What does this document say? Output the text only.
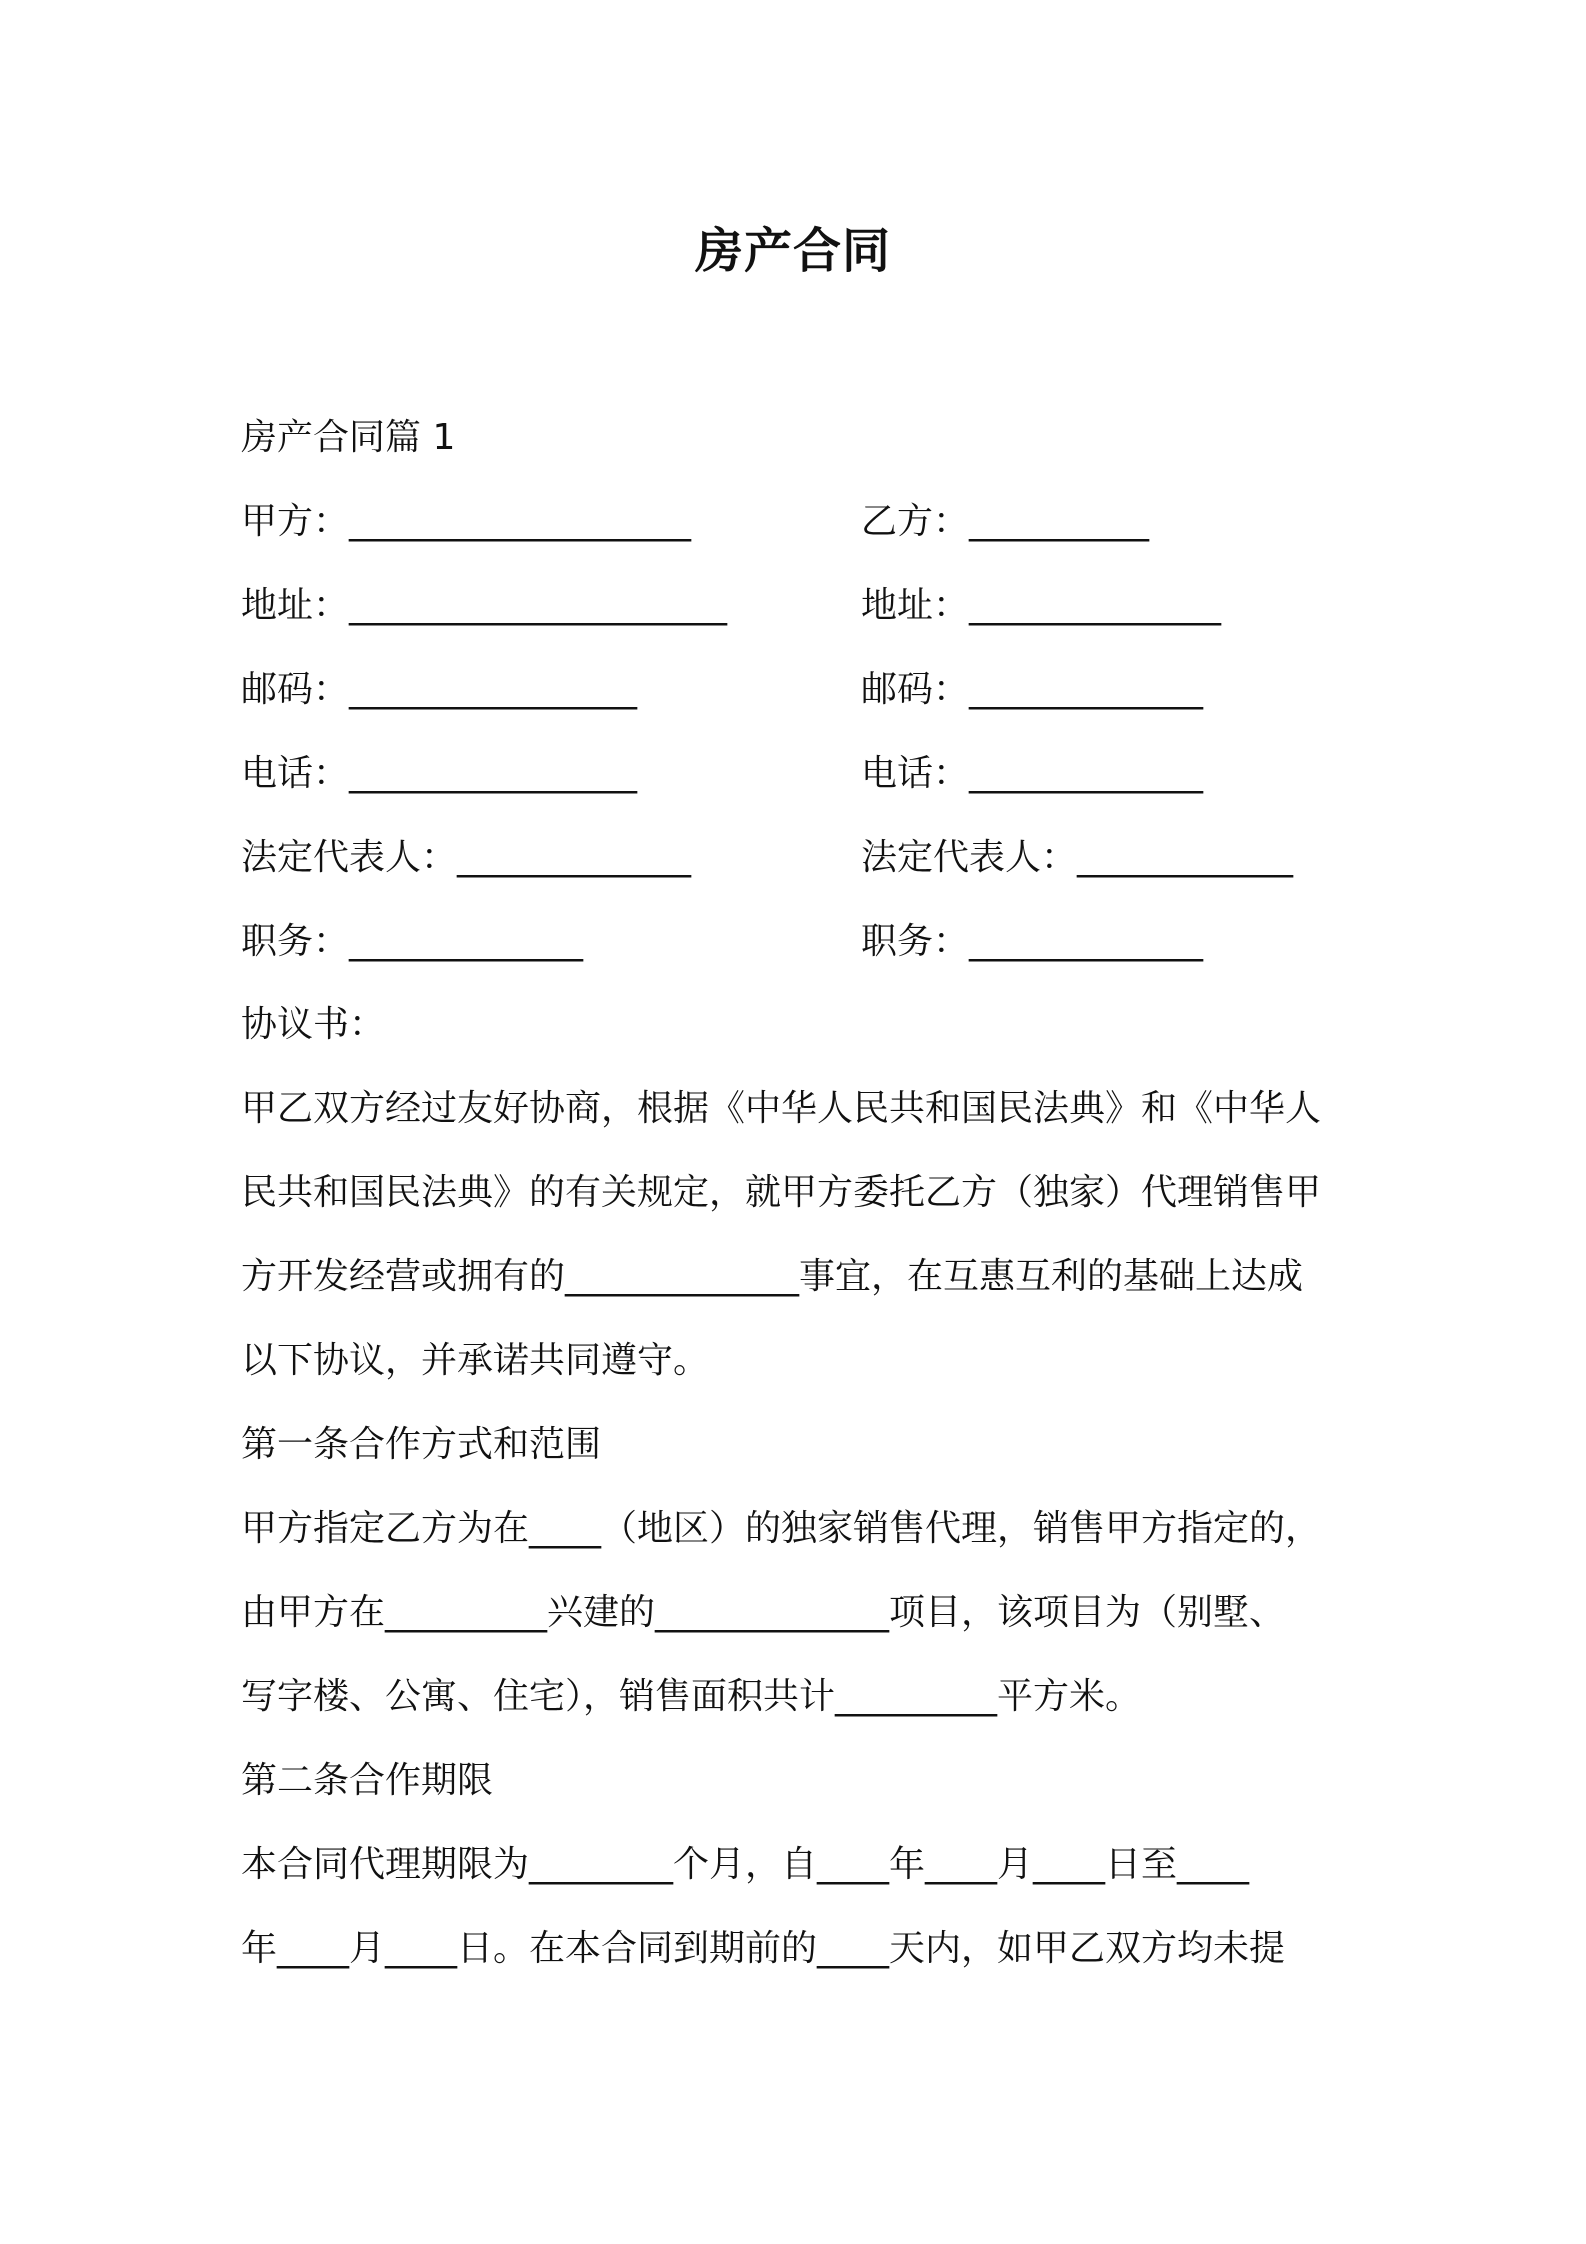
房产合同
房产合同篇 1
甲方：___________________	乙方：__________
地址：_____________________	地址：______________
邮码：________________	邮码：_____________
电话：________________	电话：_____________
法定代表人：_____________	法定代表人：____________
职务：_____________	职务：_____________
协议书：
甲乙双方经过友好协商，根据《中华人民共和国民法典》和《中华人
民共和国民法典》的有关规定，就甲方委托乙方（独家）代理销售甲
方开发经营或拥有的_____________事宜，在互惠互利的基础上达成
以下协议，并承诺共同遵守。
第一条合作方式和范围
甲方指定乙方为在____（地区）的独家销售代理，销售甲方指定的，
由甲方在_________兴建的_____________项目，该项目为（别墅、
写字楼、公寓、住宅），销售面积共计_________平方米。
第二条合作期限
本合同代理期限为________个月，自____年____月____日至____
年____月____日。在本合同到期前的____天内，如甲乙双方均未提
